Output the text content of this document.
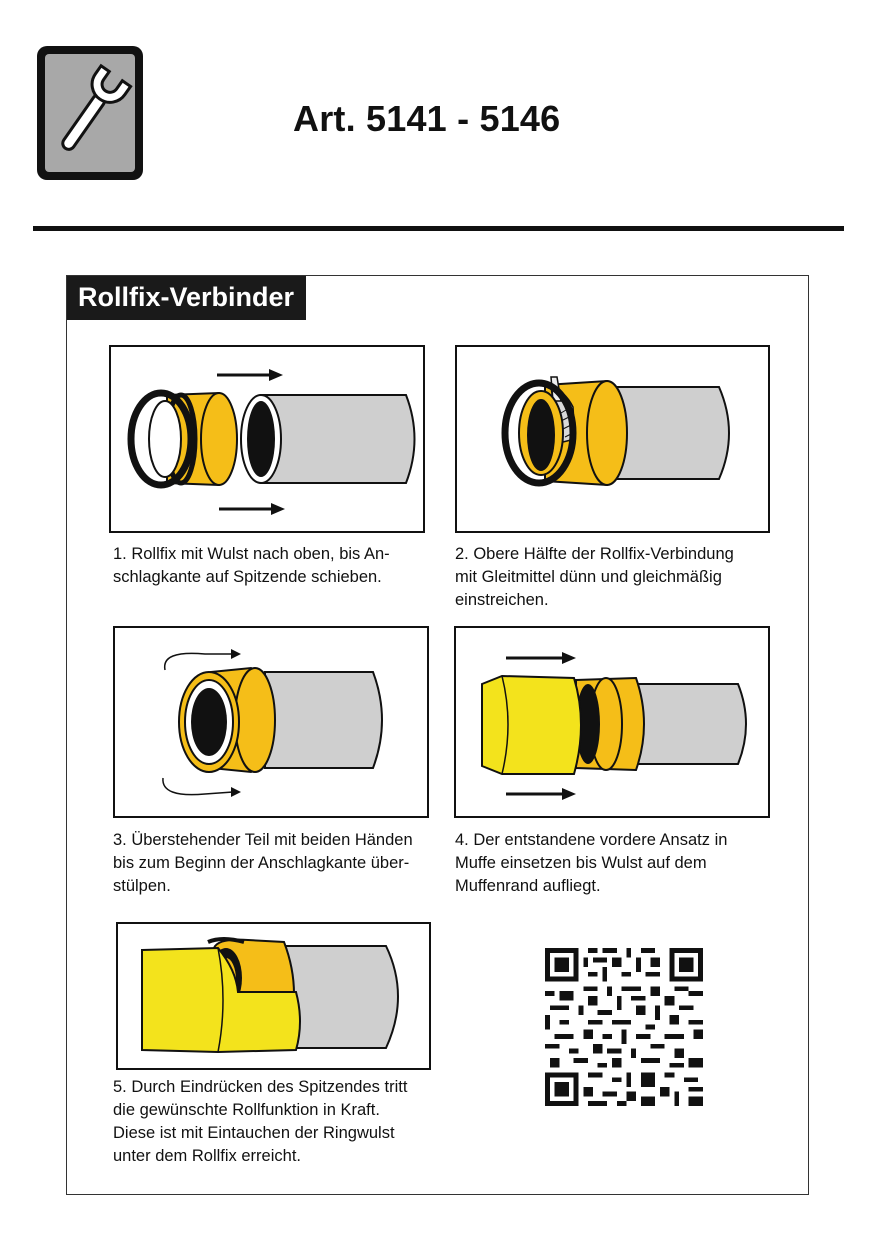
Art. 5141 - 5146
Rollfix-Verbinder

1. Rollfix mit Wulst nach oben, bis An-

schlagkante auf Spitzende schieben.

2. Obere Hälfte der Rollfix-Verbindung

mit Gleitmittel dünn und gleichmäßig

einstreichen.

3. Überstehender Teil mit beiden Händen

bis zum Beginn der Anschlagkante über-

stülpen.

4. Der entstandene vordere Ansatz in

Muffe einsetzen bis Wulst auf dem

Muffenrand aufliegt.

5. Durch Eindrücken des Spitzendes tritt

die gewünschte Rollfunktion in Kraft.

Diese ist mit Eintauchen der Ringwulst

unter dem Rollfix erreicht.
